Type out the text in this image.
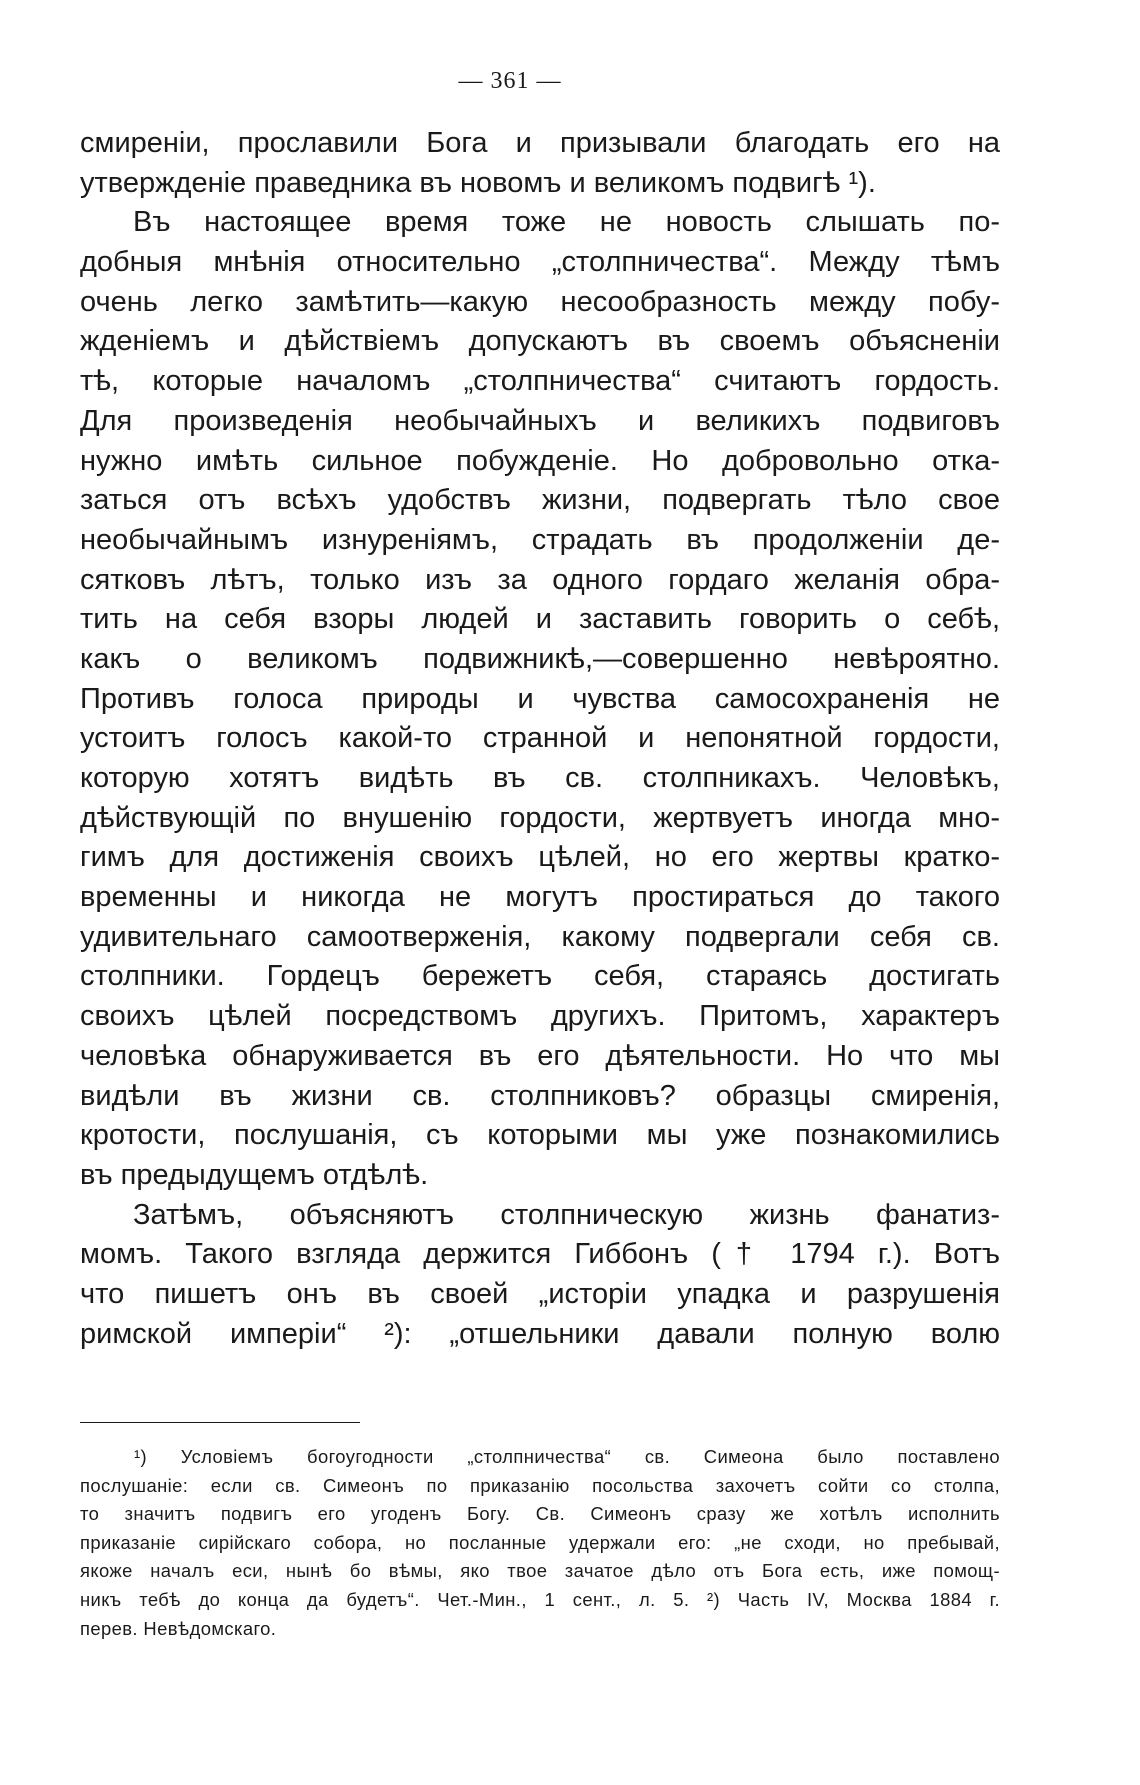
— 361 —
смиренiи, прославили Бога и призывали благодать его на
утвержденiе праведника въ новомъ и великомъ подвигѣ ¹).
Въ настоящее время тоже не новость слышать по-
добныя мнѣнiя относительно „столпничества“. Между тѣмъ
очень легко замѣтить—какую несообразность между побу-
жденiемъ и дѣйствiемъ допускаютъ въ своемъ объясненiи
тѣ, которые началомъ „столпничества“ считаютъ гордость.
Для произведенiя необычайныхъ и великихъ подвиговъ
нужно имѣть сильное побужденiе. Но добровольно отка-
заться отъ всѣхъ удобствъ жизни, подвергать тѣло свое
необычайнымъ изнуренiямъ, страдать въ продолженiи де-
сятковъ лѣтъ, только изъ за одного гордаго желанiя обра-
тить на себя взоры людей и заставить говорить о себѣ,
какъ о великомъ подвижникѣ,—совершенно невѣроятно.
Противъ голоса природы и чувства самосохраненiя не
устоитъ голосъ какой-то странной и непонятной гордости,
которую хотятъ видѣть въ св. столпникахъ. Человѣкъ,
дѣйствующiй по внушенiю гордости, жертвуетъ иногда мно-
гимъ для достиженiя своихъ цѣлей, но его жертвы кратко-
временны и никогда не могутъ простираться до такого
удивительнаго самоотверженiя, какому подвергали себя св.
столпники. Гордецъ бережетъ себя, стараясь достигать
своихъ цѣлей посредствомъ другихъ. Притомъ, характеръ
человѣка обнаруживается въ его дѣятельности. Но что мы
видѣли въ жизни св. столпниковъ? образцы смиренiя,
кротости, послушанiя, съ которыми мы уже познакомились
въ предыдущемъ отдѣлѣ.
Затѣмъ, объясняютъ столпническую жизнь фанатиз-
момъ. Такого взгляда держится Гиббонъ († 1794 г.). Вотъ
что пишетъ онъ въ своей „исторiи упадка и разрушенiя
римской имперiи“ ²): „отшельники давали полную волю
¹) Условiемъ богоугодности „столпничества“ св. Симеона было поставлено
послушанiе: если св. Симеонъ по приказанiю посольства захочетъ сойти со столпа,
то значитъ подвигъ его угоденъ Богу. Св. Симеонъ сразу же хотѣлъ исполнить
приказанiе сирiйскаго собора, но посланные удержали его: „не сходи, но пребывай,
якоже началъ еси, нынѣ бо вѣмы, яко твое зачатое дѣло отъ Бога есть, иже помощ-
никъ тебѣ до конца да будетъ“. Чет.-Мин., 1 сент., л. 5. ²) Часть IV, Москва 1884 г.
перев. Невѣдомскаго.
